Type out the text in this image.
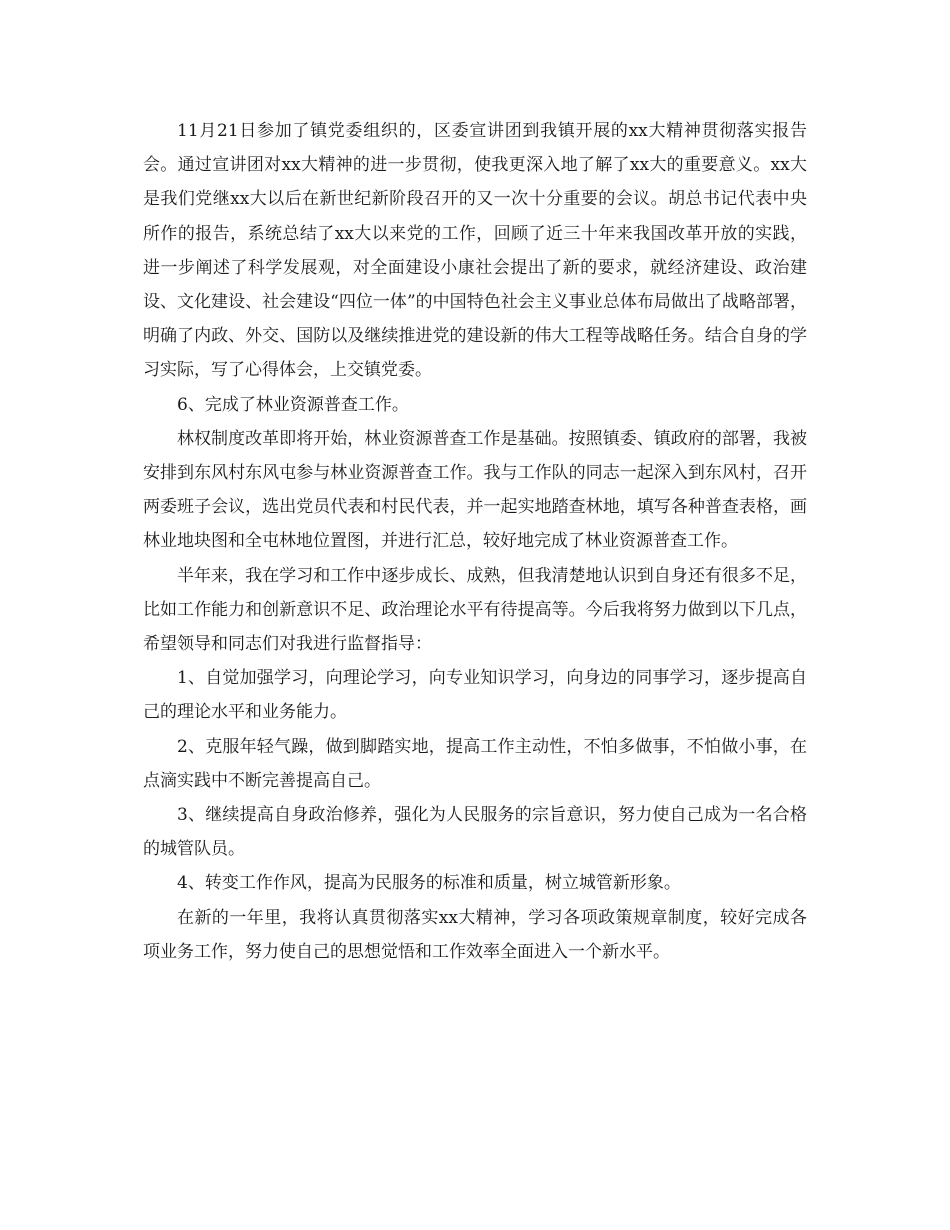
11月21日参加了镇党委组织的，区委宣讲团到我镇开展的xx大精神贯彻落实报告会。通过宣讲团对xx大精神的进一步贯彻，使我更深入地了解了xx大的重要意义。xx大是我们党继xx大以后在新世纪新阶段召开的又一次十分重要的会议。胡总书记代表中央所作的报告，系统总结了xx大以来党的工作，回顾了近三十年来我国改革开放的实践，进一步阐述了科学发展观，对全面建设小康社会提出了新的要求，就经济建设、政治建设、文化建设、社会建设“四位一体”的中国特色社会主义事业总体布局做出了战略部署，明确了内政、外交、国防以及继续推进党的建设新的伟大工程等战略任务。结合自身的学习实际，写了心得体会，上交镇党委。

6、完成了林业资源普查工作。

林权制度改革即将开始，林业资源普查工作是基础。按照镇委、镇政府的部署，我被安排到东风村东风屯参与林业资源普查工作。我与工作队的同志一起深入到东风村，召开两委班子会议，选出党员代表和村民代表，并一起实地踏查林地，填写各种普查表格，画林业地块图和全屯林地位置图，并进行汇总，较好地完成了林业资源普查工作。

半年来，我在学习和工作中逐步成长、成熟，但我清楚地认识到自身还有很多不足，比如工作能力和创新意识不足、政治理论水平有待提高等。今后我将努力做到以下几点，希望领导和同志们对我进行监督指导：

1、自觉加强学习，向理论学习，向专业知识学习，向身边的同事学习，逐步提高自己的理论水平和业务能力。

2、克服年轻气躁，做到脚踏实地，提高工作主动性，不怕多做事，不怕做小事，在点滴实践中不断完善提高自己。

3、继续提高自身政治修养，强化为人民服务的宗旨意识，努力使自己成为一名合格的城管队员。

4、转变工作作风，提高为民服务的标准和质量，树立城管新形象。

在新的一年里，我将认真贯彻落实xx大精神，学习各项政策规章制度，较好完成各项业务工作，努力使自己的思想觉悟和工作效率全面进入一个新水平。
